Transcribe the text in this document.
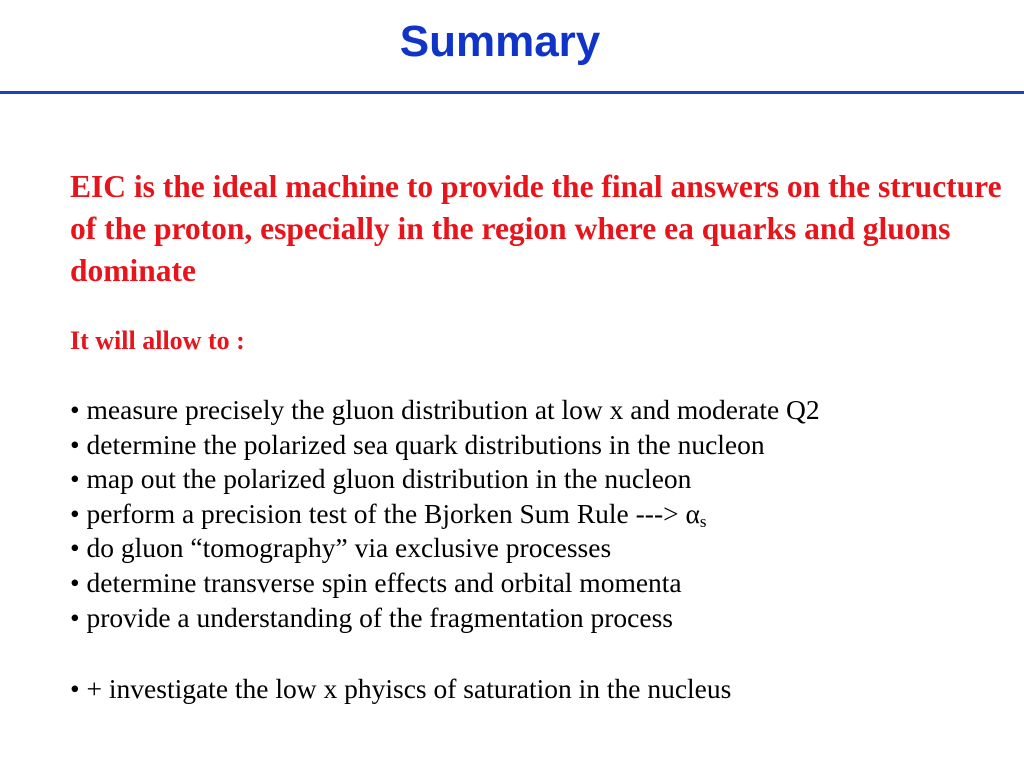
Summary

EIC is the ideal machine to provide the final answers on the structure of the proton, especially in the region where ea quarks and gluons dominate

It will allow to :

• measure precisely the gluon distribution at low x and moderate Q2
• determine the polarized sea quark distributions in the nucleon
• map out the polarized gluon distribution in the nucleon
• perform a precision test of the Bjorken Sum Rule ---> $\alpha_s$
• do gluon “tomography” via exclusive processes
• determine transverse spin effects and orbital momenta
• provide a understanding of the fragmentation process

• + investigate the low x phyiscs of saturation in the nucleus
